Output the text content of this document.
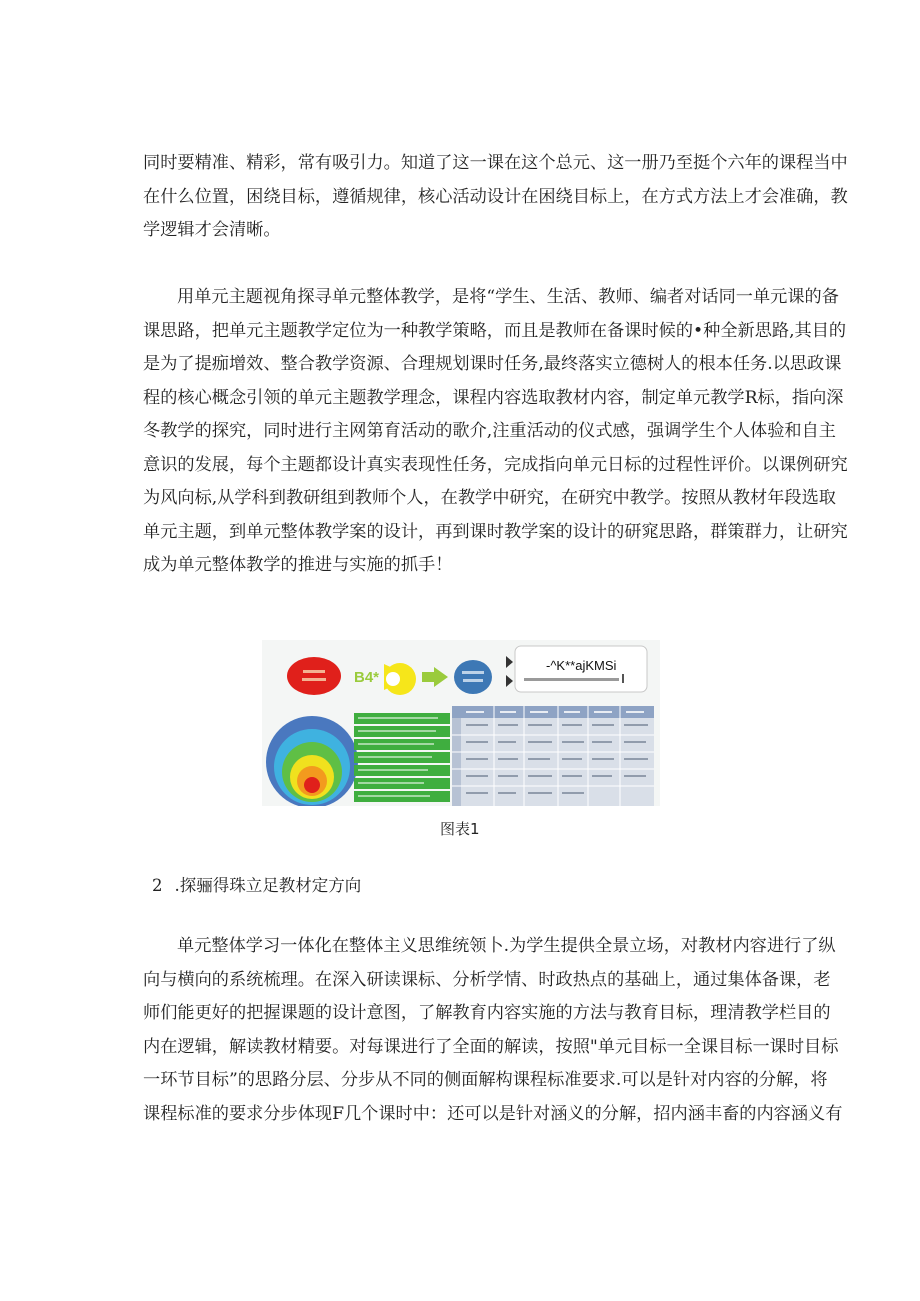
同时要精准、精彩，常有吸引力。知道了这一课在这个总元、这一册乃至挺个六年的课程当中
在什么位置，困绕目标，遵循规律，核心活动设计在困绕目标上，在方式方法上才会准确，教
学逻辑才会清晰。
用单元主题视角探寻单元整体教学，是将“学生、生活、教师、编者对话同一单元课的备
课思路，把单元主题教学定位为一种教学策略，而且是教师在备课时候的•种全新思路,其目的
是为了提痂增效、整合教学资源、合理规划课时任务,最终落实立德树人的根本任务.以思政课
程的核心概念引领的单元主题教学理念，课程内容选取教材内容，制定单元教学R标，指向深
冬教学的探究，同时进行主网第育活动的歌介,注重活动的仪式感，强调学生个人体验和自主
意识的发展，每个主题都设计真实表现性任务，完成指向单元日标的过程性评价。以课例研究
为风向标,从学科到教研组到教师个人，在教学中研究，在研究中教学。按照从教材年段选取
单元主题，到单元整体教学案的设计，再到课时教学案的设计的研窕思路，群策群力，让研究
成为单元整体教学的推进与实施的抓手！
B4*
-^K**ajKMSi

图表1

2 .探骊得珠立足教材定方向

单元整体学习一体化在整体主义思维统领卜.为学生提供全景立场，对教材内容进行了纵
向与横向的系统梳理。在深入研读课标、分析学情、时政热点的基础上，通过集体备课，老
师们能更好的把握课题的设计意图，了解教育内容实施的方法与教育目标，理清教学栏目的
内在逻辑，解读教材精要。对每课进行了全面的解读，按照"单元目标一全课目标一课时目标
一环节目标”的思路分层、分步从不同的侧面解构课程标准要求.可以是针对内容的分解，将
课程标准的要求分步体现F几个课时中：还可以是针对涵义的分解，招内涵丰畜的内容涵义有
